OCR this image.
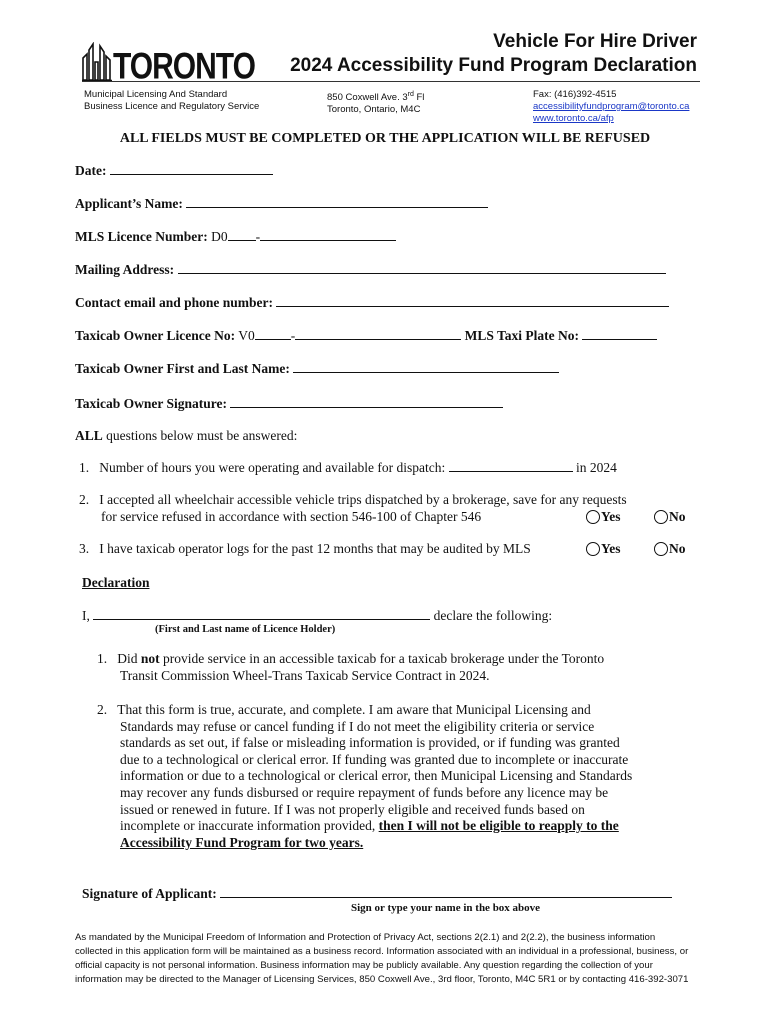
TORONTO
Vehicle For Hire Driver
2024 Accessibility Fund Program Declaration
Municipal Licensing And Standard
Business Licence and Regulatory Service
850 Coxwell Ave. 3rd Fl
Toronto, Ontario, M4C
Fax: (416)392-4515
accessibilityfundprogram@toronto.ca
www.toronto.ca/afp
ALL FIELDS MUST BE COMPLETED OR THE APPLICATION WILL BE REFUSED
Date:
Applicant’s Name:
MLS Licence Number: D0 -
Mailing Address:
Contact email and phone number:
Taxicab Owner Licence No: V0	-	MLS Taxi Plate No:
Taxicab Owner First and Last Name:
Taxicab Owner Signature:
ALL questions below must be answered:
1. Number of hours you were operating and available for dispatch:	in 2024
2. I accepted all wheelchair accessible vehicle trips dispatched by a brokerage, save for any requests
for service refused in accordance with section 546-100 of Chapter 546	Yes	No
3. I have taxicab operator logs for the past 12 months that may be audited by MLS	Yes	No
Declaration
I,	declare the following:
(First and Last name of Licence Holder)
1. Did not provide service in an accessible taxicab for a taxicab brokerage under the Toronto
Transit Commission Wheel-Trans Taxicab Service Contract in 2024.
2. That this form is true, accurate, and complete. I am aware that Municipal Licensing and
Standards may refuse or cancel funding if I do not meet the eligibility criteria or service
standards as set out, if false or misleading information is provided, or if funding was granted
due to a technological or clerical error. If funding was granted due to incomplete or inaccurate
information or due to a technological or clerical error, then Municipal Licensing and Standards
may recover any funds disbursed or require repayment of funds before any licence may be
issued or renewed in future. If I was not properly eligible and received funds based on
incomplete or inaccurate information provided, then I will not be eligible to reapply to the
Accessibility Fund Program for two years.
Signature of Applicant:
Sign or type your name in the box above
As mandated by the Municipal Freedom of Information and Protection of Privacy Act, sections 2(2.1) and 2(2.2), the business information collected in this application form will be maintained as a business record. Information associated with an individual in a professional, business, or official capacity is not personal information. Business information may be publicly available. Any question regarding the collection of your information may be directed to the Manager of Licensing Services, 850 Coxwell Ave., 3rd floor, Toronto, M4C 5R1 or by contacting 416-392-3071
